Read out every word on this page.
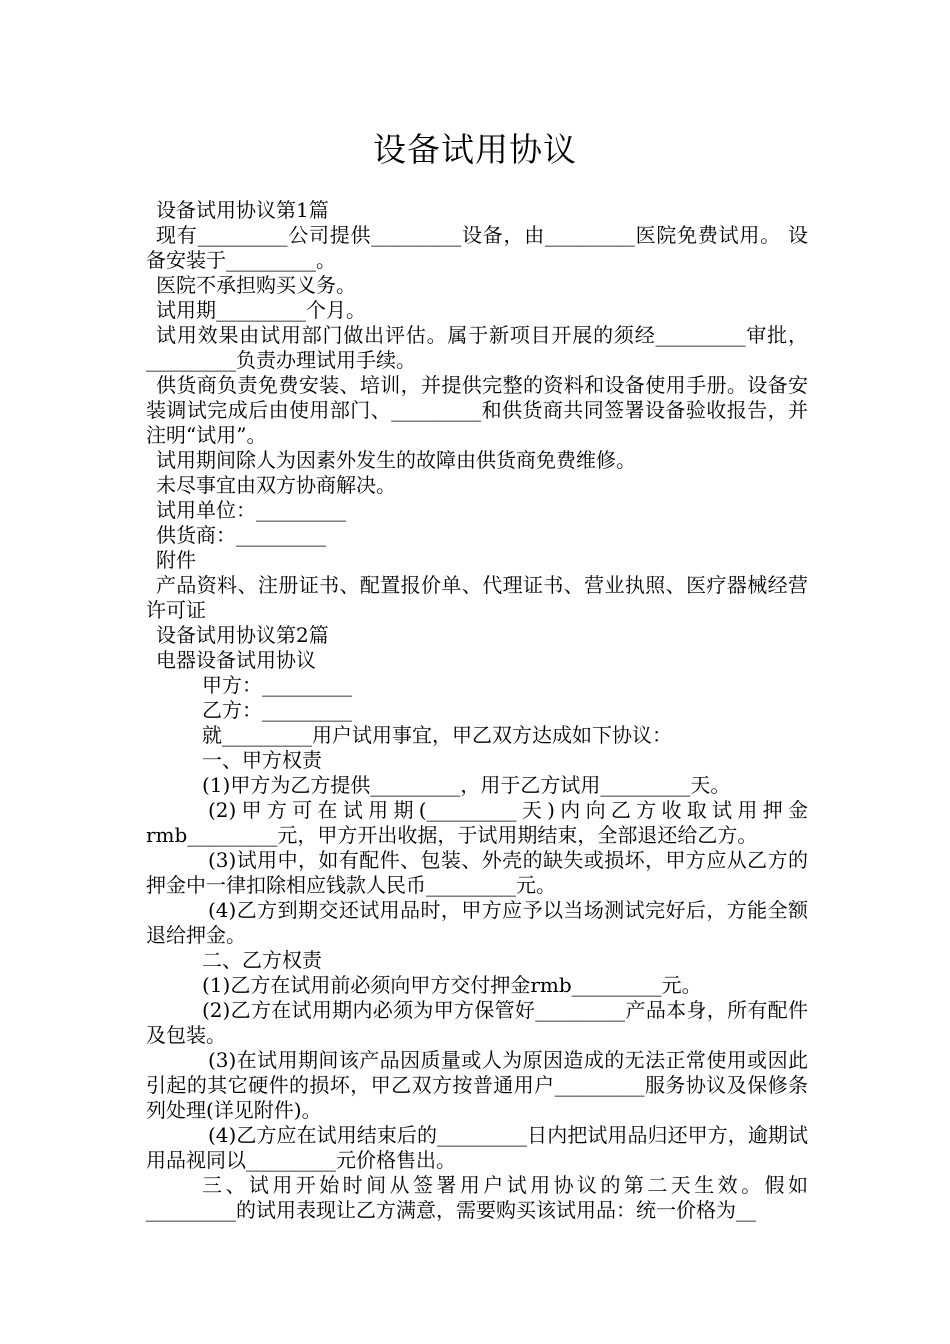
设备试用协议

设备试用协议第1篇

现有_________公司提供_________设备，由_________医院免费试用。 设备安装于_________。

医院不承担购买义务。

试用期_________个月。

试用效果由试用部门做出评估。属于新项目开展的须经_________审批，_________负责办理试用手续。

供货商负责免费安装、培训，并提供完整的资料和设备使用手册。设备安装调试完成后由使用部门、_________和供货商共同签署设备验收报告，并注明“试用”。

试用期间除人为因素外发生的故障由供货商免费维修。

未尽事宜由双方协商解决。

试用单位：_________

供货商：_________

附件

产品资料、注册证书、配置报价单、代理证书、营业执照、医疗器械经营许可证

设备试用协议第2篇

电器设备试用协议

甲方：_________

乙方：_________

就_________用户试用事宜，甲乙双方达成如下协议：

一、甲方权责

(1)甲方为乙方提供_________，用于乙方试用_________天。

(2)甲方可在试用期(_________天)内向乙方收取试用押金rmb_________元，甲方开出收据，于试用期结束，全部退还给乙方。

(3)试用中，如有配件、包装、外壳的缺失或损坏，甲方应从乙方的押金中一律扣除相应钱款人民币_________元。

(4)乙方到期交还试用品时，甲方应予以当场测试完好后，方能全额退给押金。

二、乙方权责

(1)乙方在试用前必须向甲方交付押金rmb_________元。

(2)乙方在试用期内必须为甲方保管好_________产品本身，所有配件及包装。

(3)在试用期间该产品因质量或人为原因造成的无法正常使用或因此引起的其它硬件的损坏，甲乙双方按普通用户_________服务协议及保修条列处理(详见附件)。

(4)乙方应在试用结束后的_________日内把试用品归还甲方，逾期试用品视同以_________元价格售出。

三、试用开始时间从签署用户试用协议的第二天生效。假如_________的试用表现让乙方满意，需要购买该试用品：统一价格为__
